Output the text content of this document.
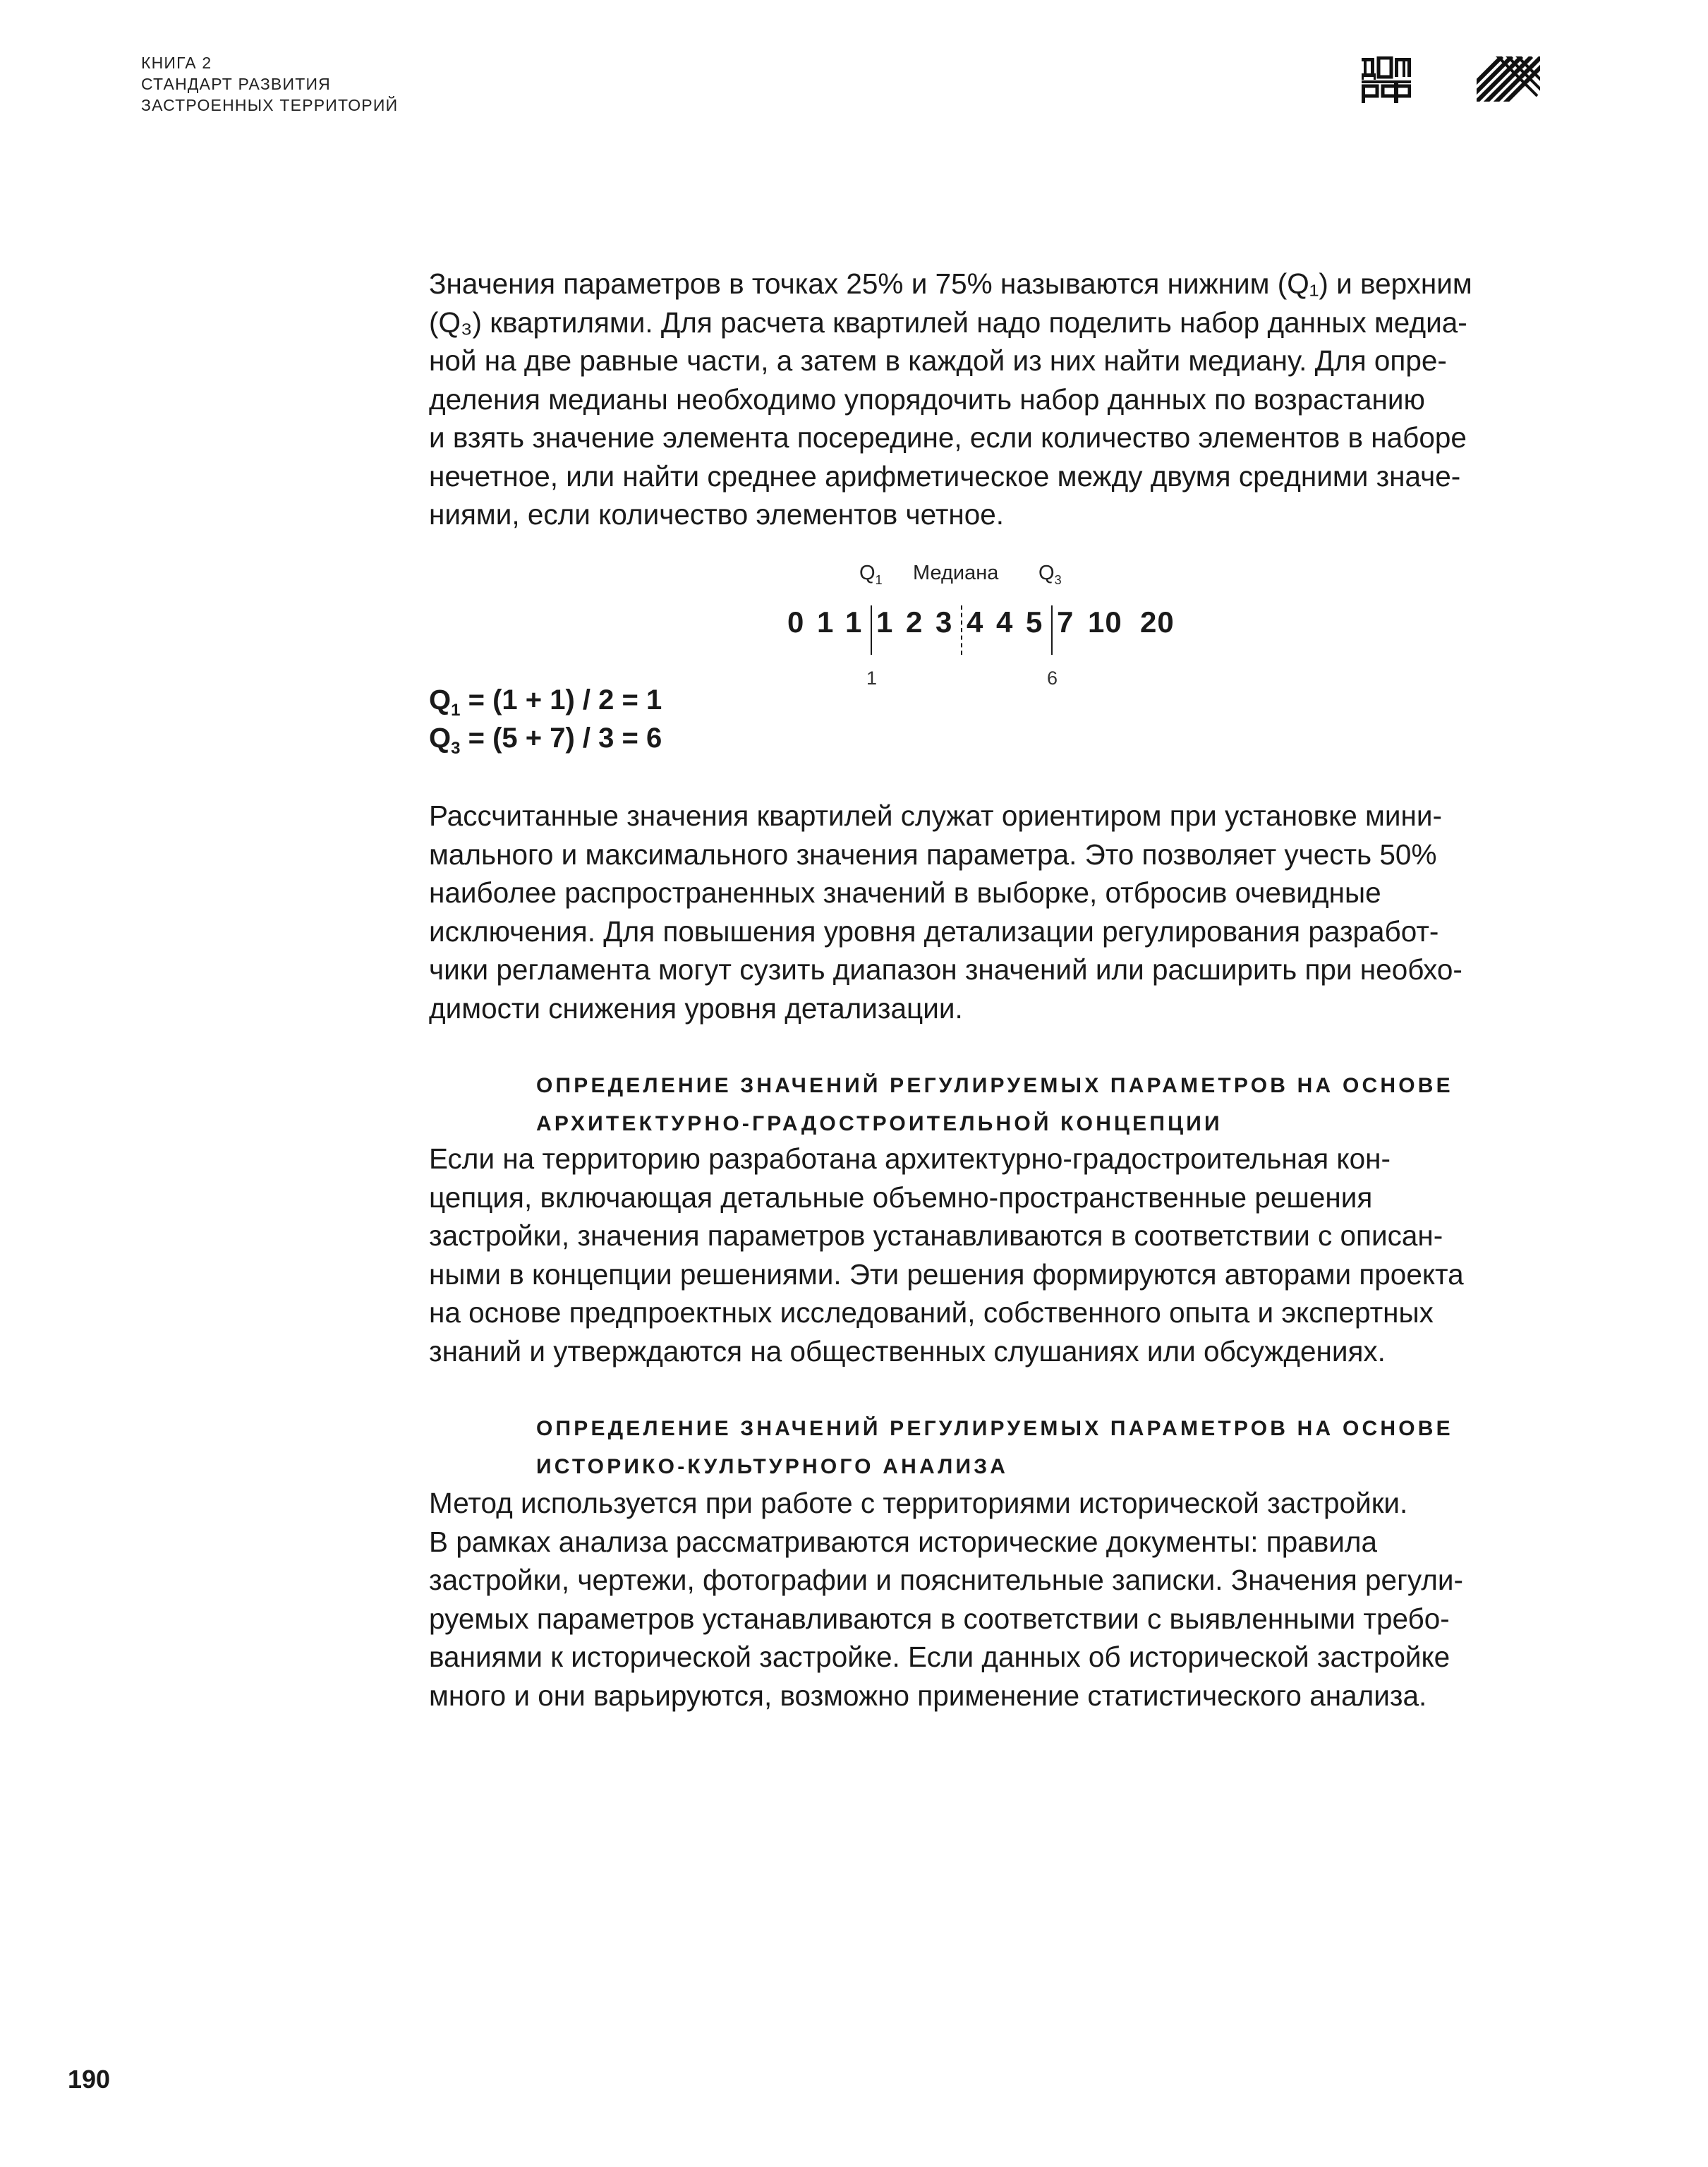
КНИГА 2
СТАНДАРТ РАЗВИТИЯ
ЗАСТРОЕННЫХ ТЕРРИТОРИЙ
Значения параметров в точках 25% и 75% называются нижним (Q₁) и верхним
(Q₃) квартилями. Для расчета квартилей надо поделить набор данных медиа-
ной на две равные части, а затем в каждой из них найти медиану. Для опре-
деления медианы необходимо упорядочить набор данных по возрастанию
и взять значение элемента посередине, если количество элементов в наборе
нечетное, или найти среднее арифметическое между двумя средними значе-
ниями, если количество элементов четное.
$Q_1$ Медиана $Q_3$
0 1 1 1 2 3 4 4 5 7 10 20
1	6
$Q_1 = (1 + 1) / 2 = 1$
$Q_3 = (5 + 7) / 3 = 6$
Рассчитанные значения квартилей служат ориентиром при установке мини-
мального и максимального значения параметра. Это позволяет учесть 50%
наиболее распространенных значений в выборке, отбросив очевидные
исключения. Для повышения уровня детализации регулирования разработ-
чики регламента могут сузить диапазон значений или расширить при необхо-
димости снижения уровня детализации.
ОПРЕДЕЛЕНИЕ ЗНАЧЕНИЙ РЕГУЛИРУЕМЫХ ПАРАМЕТРОВ НА ОСНОВЕ
АРХИТЕКТУРНО-ГРАДОСТРОИТЕЛЬНОЙ КОНЦЕПЦИИ
Если на территорию разработана архитектурно-градостроительная кон-
цепция, включающая детальные объемно-пространственные решения
застройки, значения параметров устанавливаются в соответствии с описан-
ными в концепции решениями. Эти решения формируются авторами проекта
на основе предпроектных исследований, собственного опыта и экспертных
знаний и утверждаются на общественных слушаниях или обсуждениях.
ОПРЕДЕЛЕНИЕ ЗНАЧЕНИЙ РЕГУЛИРУЕМЫХ ПАРАМЕТРОВ НА ОСНОВЕ
ИСТОРИКО-КУЛЬТУРНОГО АНАЛИЗА
Метод используется при работе с территориями исторической застройки.
В рамках анализа рассматриваются исторические документы: правила
застройки, чертежи, фотографии и пояснительные записки. Значения регули-
руемых параметров устанавливаются в соответствии с выявленными требо-
ваниями к исторической застройке. Если данных об исторической застройке
много и они варьируются, возможно применение статистического анализа.
190
